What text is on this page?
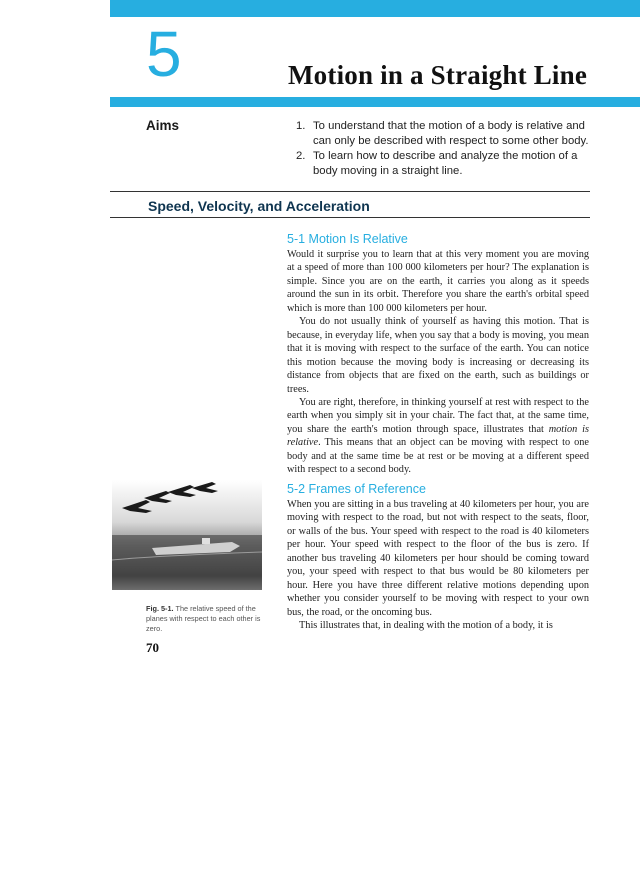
5	Motion in a Straight Line
Aims	1. To understand that the motion of a body is relative and can only be described with respect to some other body.
2. To learn how to describe and analyze the motion of a body moving in a straight line.
Speed, Velocity, and Acceleration
5-1 Motion Is Relative

Would it surprise you to learn that at this very moment you are moving at a speed of more than 100 000 kilometers per hour? The explanation is simple. Since you are on the earth, it carries you along as it speeds around the sun in its orbit. Therefore you share the earth's orbital speed which is more than 100 000 kilometers per hour.

You do not usually think of yourself as having this motion. That is because, in everyday life, when you say that a body is moving, you mean that it is moving with respect to the surface of the earth. You can notice this motion because the moving body is increasing or decreasing its distance from objects that are fixed on the earth, such as buildings or trees.

You are right, therefore, in thinking yourself at rest with respect to the earth when you simply sit in your chair. The fact that, at the same time, you share the earth's motion through space, illustrates that motion is relative. This means that an object can be moving with respect to one body and at the same time be at rest or be moving at a different speed with respect to a second body.

Fig. 5-1. The relative speed of the planes with respect to each other is zero.
70
5-2 Frames of Reference

When you are sitting in a bus traveling at 40 kilometers per hour, you are moving with respect to the road, but not with respect to the seats, floor, or walls of the bus. Your speed with respect to the road is 40 kilometers per hour. Your speed with respect to the floor of the bus is zero. If another bus traveling 40 kilometers per hour should be coming toward you, your speed with respect to that bus would be 80 kilometers per hour. Here you have three different relative motions depending upon whether you consider yourself to be moving with respect to your own bus, the road, or the oncoming bus.

This illustrates that, in dealing with the motion of a body, it is
